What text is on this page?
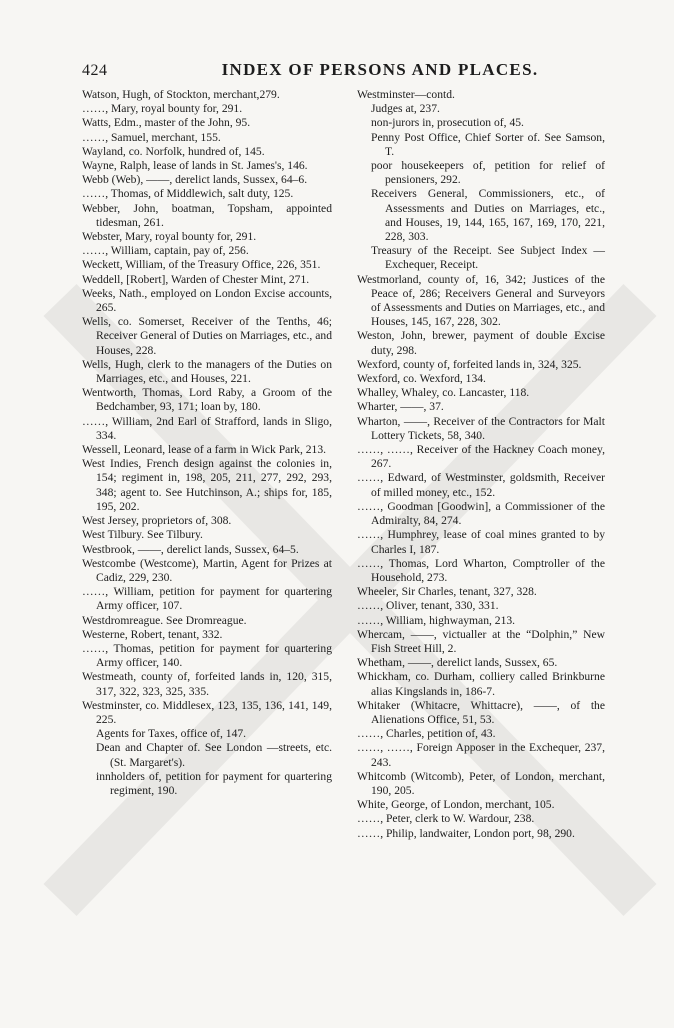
424	INDEX OF PERSONS AND PLACES.

Watson, Hugh, of Stockton, merchant,279.

……, Mary, royal bounty for, 291.

Watts, Edm., master of the John, 95.

……, Samuel, merchant, 155.

Wayland, co. Norfolk, hundred of, 145.

Wayne, Ralph, lease of lands in St. James's, 146.

Webb (Web), ——, derelict lands, Sussex, 64–6.

……, Thomas, of Middlewich, salt duty, 125.

Webber, John, boatman, Topsham, appointed tidesman, 261.

Webster, Mary, royal bounty for, 291.

……, William, captain, pay of, 256.

Weckett, William, of the Treasury Office, 226, 351.

Weddell, [Robert], Warden of Chester Mint, 271.

Weeks, Nath., employed on London Excise accounts, 265.

Wells, co. Somerset, Receiver of the Tenths, 46; Receiver General of Duties on Marriages, etc., and Houses, 228.

Wells, Hugh, clerk to the managers of the Duties on Marriages, etc., and Houses, 221.

Wentworth, Thomas, Lord Raby, a Groom of the Bedchamber, 93, 171; loan by, 180.

……, William, 2nd Earl of Strafford, lands in Sligo, 334.

Wessell, Leonard, lease of a farm in Wick Park, 213.

West Indies, French design against the colonies in, 154; regiment in, 198, 205, 211, 277, 292, 293, 348; agent to. See Hutchinson, A.; ships for, 185, 195, 202.

West Jersey, proprietors of, 308.

West Tilbury. See Tilbury.

Westbrook, ——, derelict lands, Sussex, 64–5.

Westcombe (Westcome), Martin, Agent for Prizes at Cadiz, 229, 230.

……, William, petition for payment for quartering Army officer, 107.

Westdromreague. See Dromreague.

Westerne, Robert, tenant, 332.

……, Thomas, petition for payment for quartering Army officer, 140.

Westmeath, county of, forfeited lands in, 120, 315, 317, 322, 323, 325, 335.

Westminster, co. Middlesex, 123, 135, 136, 141, 149, 225.

Agents for Taxes, office of, 147.

Dean and Chapter of. See London —streets, etc. (St. Margaret's).

innholders of, petition for payment for quartering regiment, 190.

Westminster—contd.

Judges at, 237.

non-jurors in, prosecution of, 45.

Penny Post Office, Chief Sorter of. See Samson, T.

poor housekeepers of, petition for relief of pensioners, 292.

Receivers General, Commissioners, etc., of Assessments and Duties on Marriages, etc., and Houses, 19, 144, 165, 167, 169, 170, 221, 228, 303.

Treasury of the Receipt. See Subject Index — Exchequer, Receipt.

Westmorland, county of, 16, 342; Justices of the Peace of, 286; Receivers General and Surveyors of Assessments and Duties on Marriages, etc., and Houses, 145, 167, 228, 302.

Weston, John, brewer, payment of double Excise duty, 298.

Wexford, county of, forfeited lands in, 324, 325.

Wexford, co. Wexford, 134.

Whalley, Whaley, co. Lancaster, 118.

Wharter, ——, 37.

Wharton, ——, Receiver of the Contractors for Malt Lottery Tickets, 58, 340.

……, ……, Receiver of the Hackney Coach money, 267.

……, Edward, of Westminster, goldsmith, Receiver of milled money, etc., 152.

……, Goodman [Goodwin], a Commissioner of the Admiralty, 84, 274.

……, Humphrey, lease of coal mines granted to by Charles I, 187.

……, Thomas, Lord Wharton, Comptroller of the Household, 273.

Wheeler, Sir Charles, tenant, 327, 328.

……, Oliver, tenant, 330, 331.

……, William, highwayman, 213.

Whercam, ——, victualler at the “Dolphin,” New Fish Street Hill, 2.

Whetham, ——, derelict lands, Sussex, 65.

Whickham, co. Durham, colliery called Brinkburne alias Kingslands in, 186-7.

Whitaker (Whitacre, Whittacre), ——, of the Alienations Office, 51, 53.

……, Charles, petition of, 43.

……, ……, Foreign Apposer in the Exchequer, 237, 243.

Whitcomb (Witcomb), Peter, of London, merchant, 190, 205.

White, George, of London, merchant, 105.

……, Peter, clerk to W. Wardour, 238.

……, Philip, landwaiter, London port, 98, 290.
